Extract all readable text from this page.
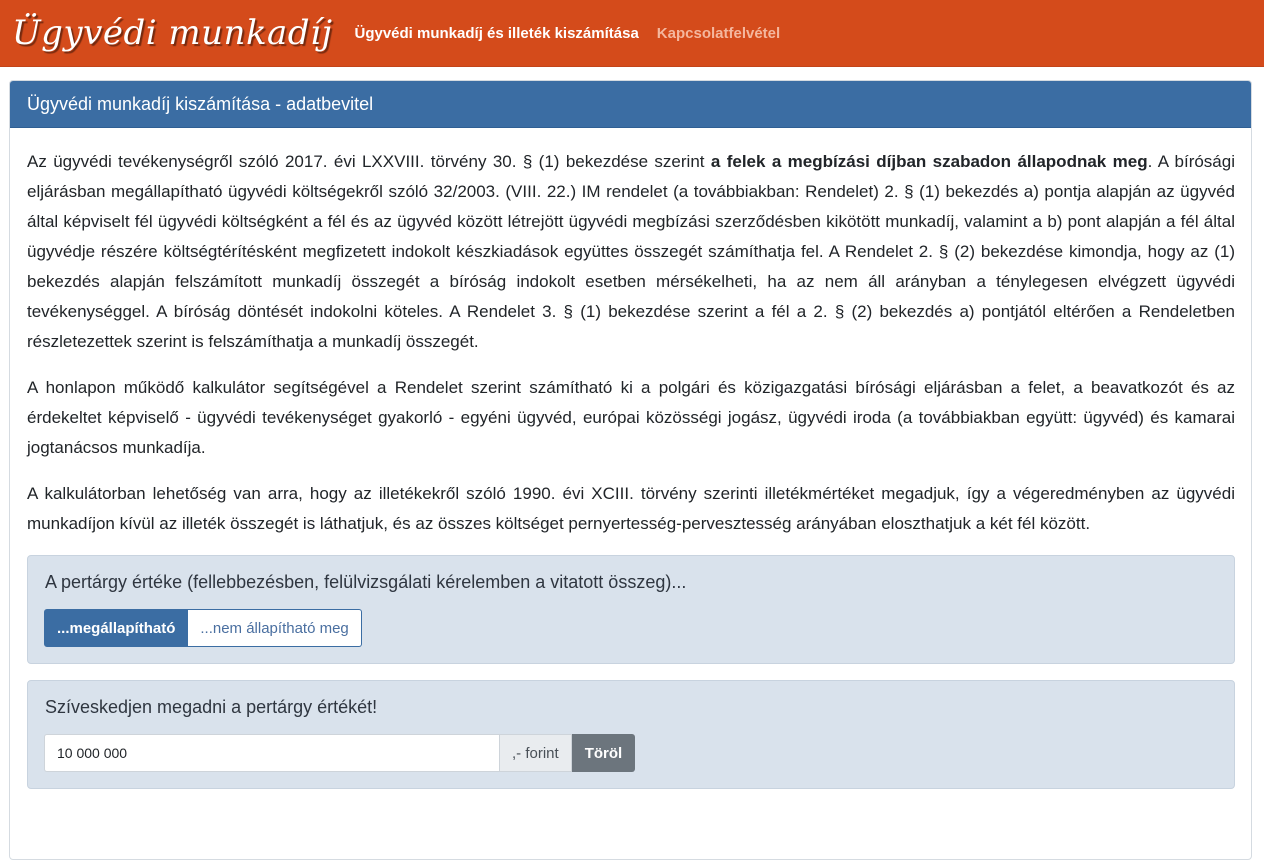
Ügyvédi munkadíj Ügyvédi munkadíj és illeték kiszámítása Kapcsolatfelvétel
Ügyvédi munkadíj kiszámítása - adatbevitel

Az ügyvédi tevékenységről szóló 2017. évi LXXVIII. törvény 30. § (1) bekezdése szerint a felek a megbízási díjban szabadon állapodnak meg. A bírósági eljárásban megállapítható ügyvédi költségekről szóló 32/2003. (VIII. 22.) IM rendelet (a továbbiakban: Rendelet) 2. § (1) bekezdés a) pontja alapján az ügyvéd által képviselt fél ügyvédi költségként a fél és az ügyvéd között létrejött ügyvédi megbízási szerződésben kikötött munkadíj, valamint a b) pont alapján a fél által ügyvédje részére költségtérítésként megfizetett indokolt készkiadások együttes összegét számíthatja fel. A Rendelet 2. § (2) bekezdése kimondja, hogy az (1) bekezdés alapján felszámított munkadíj összegét a bíróság indokolt esetben mérsékelheti, ha az nem áll arányban a ténylegesen elvégzett ügyvédi tevékenységgel. A bíróság döntését indokolni köteles. A Rendelet 3. § (1) bekezdése szerint a fél a 2. § (2) bekezdés a) pontjától eltérően a Rendeletben részletezettek szerint is felszámíthatja a munkadíj összegét.

A honlapon működő kalkulátor segítségével a Rendelet szerint számítható ki a polgári és közigazgatási bírósági eljárásban a felet, a beavatkozót és az érdekeltet képviselő - ügyvédi tevékenységet gyakorló - egyéni ügyvéd, európai közösségi jogász, ügyvédi iroda (a továbbiakban együtt: ügyvéd) és kamarai jogtanácsos munkadíja.

A kalkulátorban lehetőség van arra, hogy az illetékekről szóló 1990. évi XCIII. törvény szerinti illetékmértéket megadjuk, így a végeredményben az ügyvédi munkadíjon kívül az illeték összegét is láthatjuk, és az összes költséget pernyertesség-pervesztesség arányában eloszthatjuk a két fél között.

A pertárgy értéke (fellebbezésben, felülvizsgálati kérelemben a vitatott összeg)...
...megállapítható	...nem állapítható meg
Szíveskedjen megadni a pertárgy értékét!
10 000 000
,- forint	Töröl
